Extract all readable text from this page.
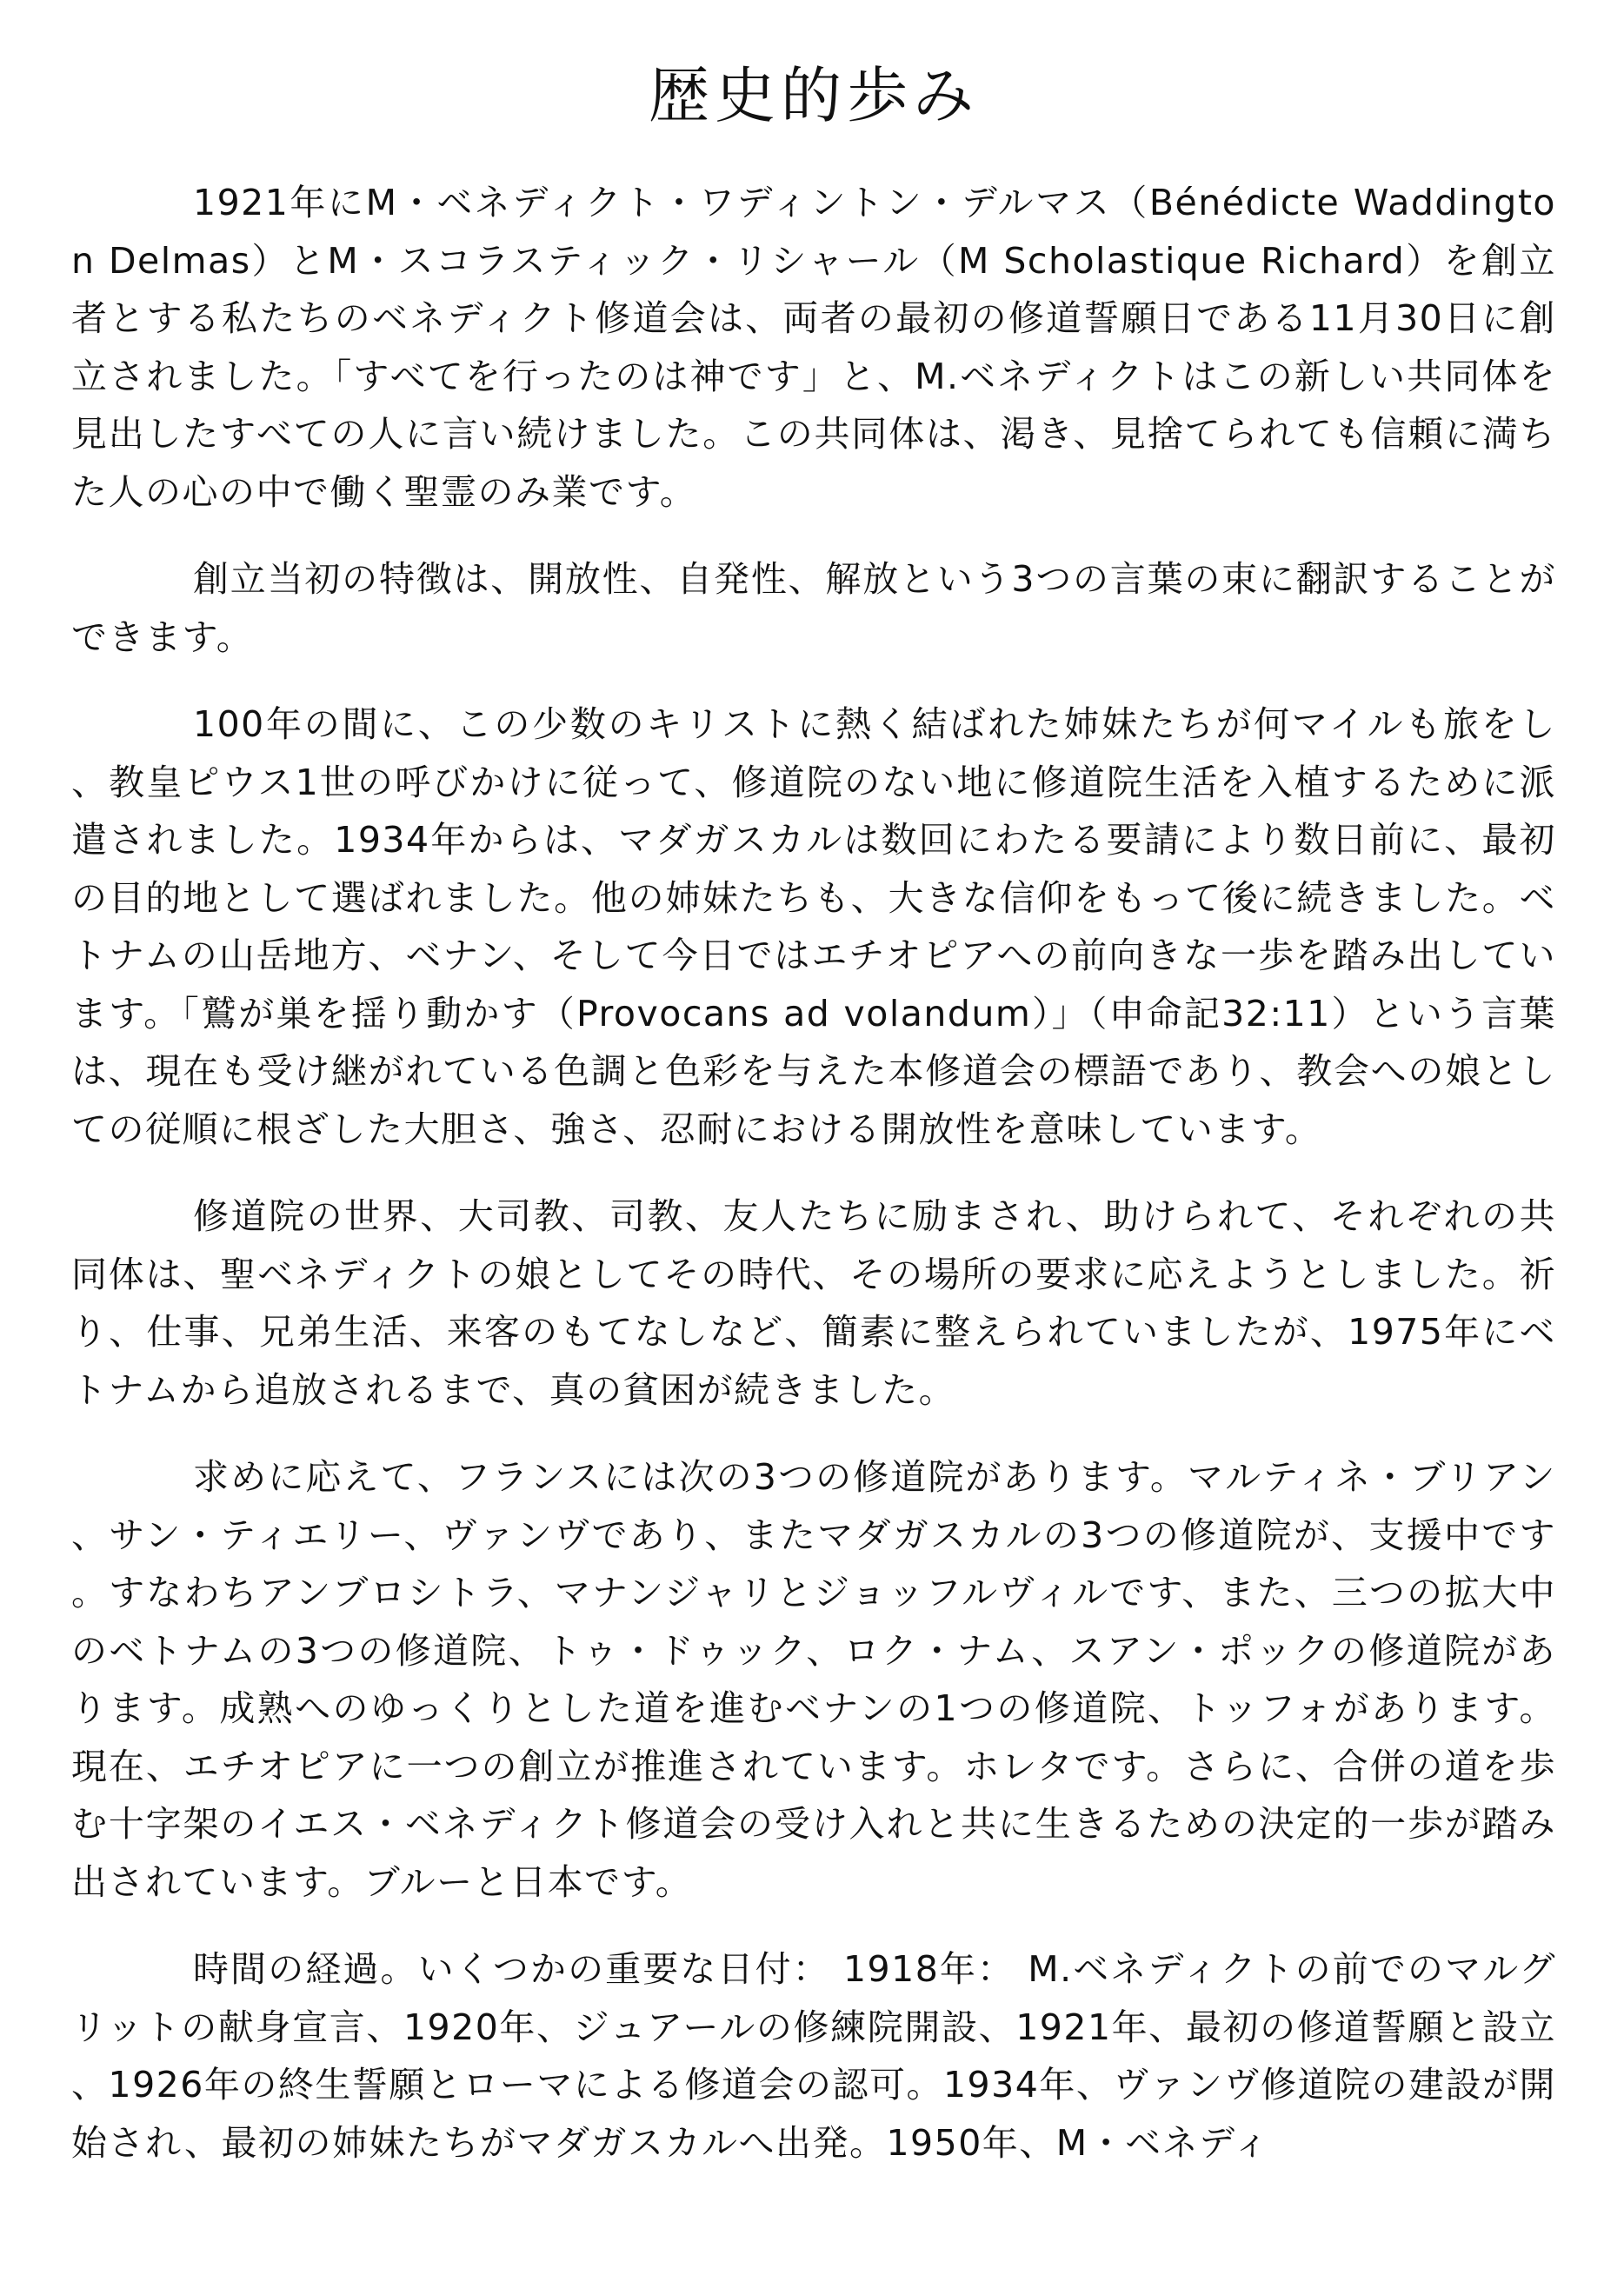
歴史的歩み

1921年にM・ベネディクト・ワディントン・デルマス（Bénédicte Waddington Delmas）とM・スコラスティック・リシャール（M Scholastique Richard）を創立者とする私たちのベネディクト修道会は、両者の最初の修道誓願日である11月30日に創立されました。「すべてを行ったのは神です」と、M.ベネディクトはこの新しい共同体を見出したすべての人に言い続けました。この共同体は、渇き、見捨てられても信頼に満ちた人の心の中で働く聖霊のみ業です。

創立当初の特徴は、開放性、自発性、解放という3つの言葉の束に翻訳することができます。

100年の間に、この少数のキリストに熱く結ばれた姉妹たちが何マイルも旅をし、教皇ピウス1世の呼びかけに従って、修道院のない地に修道院生活を入植するために派遣されました。1934年からは、マダガスカルは数回にわたる要請により数日前に、最初の目的地として選ばれました。他の姉妹たちも、大きな信仰をもって後に続きました。ベトナムの山岳地方、ベナン、そして今日ではエチオピアへの前向きな一歩を踏み出しています。「鷲が巣を揺り動かす（Provocans ad volandum）」（申命記32:11）という言葉は、現在も受け継がれている色調と色彩を与えた本修道会の標語であり、教会への娘としての従順に根ざした大胆さ、強さ、忍耐における開放性を意味しています。

修道院の世界、大司教、司教、友人たちに励まされ、助けられて、それぞれの共同体は、聖ベネディクトの娘としてその時代、その場所の要求に応えようとしました。祈り、仕事、兄弟生活、来客のもてなしなど、簡素に整えられていましたが、1975年にベトナムから追放されるまで、真の貧困が続きました。

求めに応えて、フランスには次の3つの修道院があります。マルティネ・ブリアン、サン・ティエリー、ヴァンヴであり、またマダガスカルの3つの修道院が、支援中です。すなわちアンブロシトラ、マナンジャリとジョッフルヴィルです、また、三つの拡大中のベトナムの3つの修道院、トゥ・ドゥック、ロク・ナム、スアン・ポックの修道院があります。成熟へのゆっくりとした道を進むベナンの1つの修道院、トッフォがあります。現在、エチオピアに一つの創立が推進されています。ホレタです。さらに、合併の道を歩む十字架のイエス・ベネディクト修道会の受け入れと共に生きるための決定的一歩が踏み出されています。ブルーと日本です。

時間の経過。いくつかの重要な日付： 1918年： M.ベネディクトの前でのマルグリットの献身宣言、1920年、ジュアールの修練院開設、1921年、最初の修道誓願と設立、1926年の終生誓願とローマによる修道会の認可。1934年、ヴァンヴ修道院の建設が開始され、最初の姉妹たちがマダガスカルへ出発。1950年、M・ベネディ
